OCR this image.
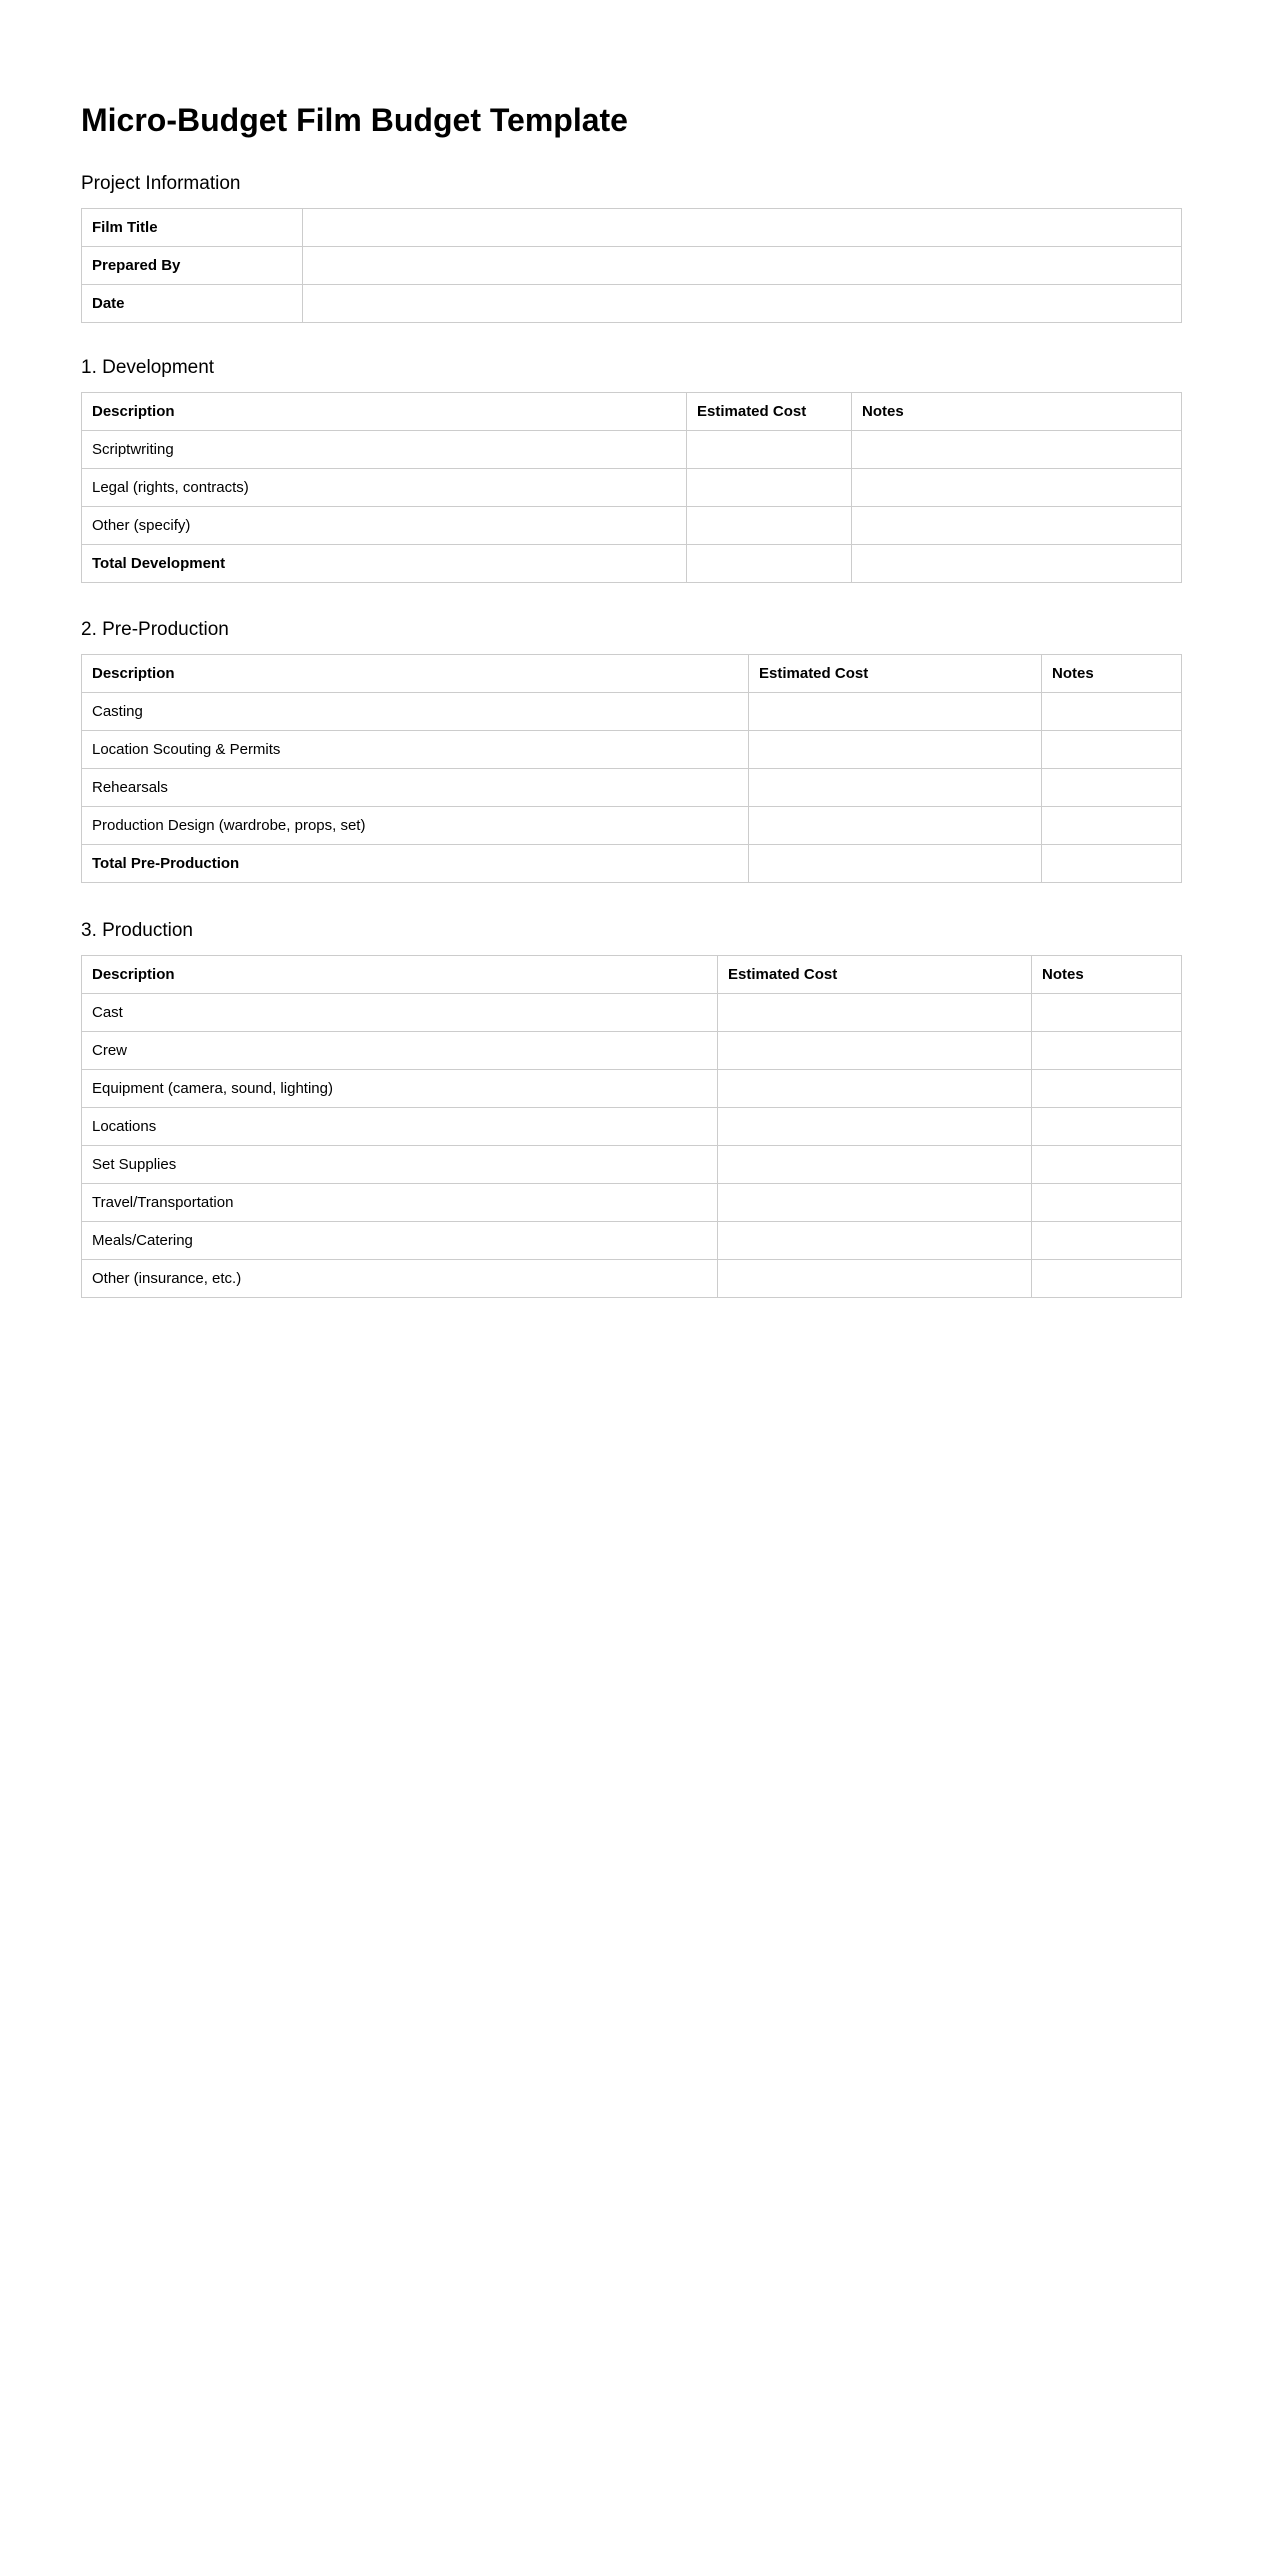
Micro-Budget Film Budget Template
Project Information
Film Title	
Prepared By	
Date	
1. Development
Description	Estimated Cost	Notes
Scriptwriting		
Legal (rights, contracts)		
Other (specify)		
Total Development		
2. Pre-Production
Description	Estimated Cost	Notes
Casting		
Location Scouting & Permits		
Rehearsals		
Production Design (wardrobe, props, set)		
Total Pre-Production		
3. Production
Description	Estimated Cost	Notes
Cast		
Crew		
Equipment (camera, sound, lighting)		
Locations		
Set Supplies		
Travel/Transportation		
Meals/Catering		
Other (insurance, etc.)		
